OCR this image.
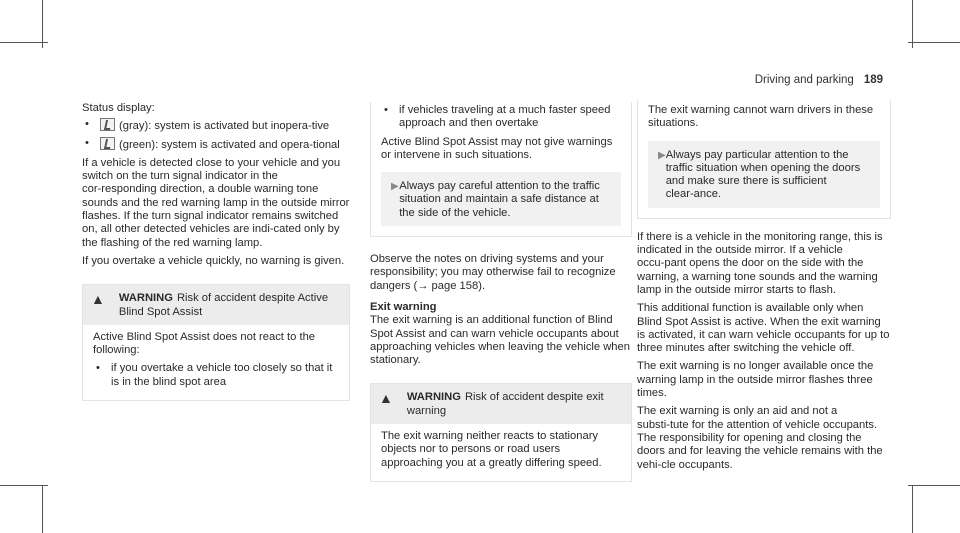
Driving and parking 189

Status display:

• (gray): system is activated but inopera‑tive
• (green): system is activated and opera‑tional

If a vehicle is detected close to your vehicle and you switch on the turn signal indicator in the cor‑responding direction, a double warning tone sounds and the red warning lamp in the outside mirror flashes. If the turn signal indicator remains switched on, all other detected vehicles are indi‑cated only by the flashing of the red warning lamp.

If you overtake a vehicle quickly, no warning is given.

▲ WARNING Risk of accident despite Active Blind Spot Assist

Active Blind Spot Assist does not react to the following:

• if you overtake a vehicle too closely so that it is in the blind spot area
• if vehicles traveling at a much faster speed approach and then overtake

Active Blind Spot Assist may not give warnings or intervene in such situations.

▶ Always pay careful attention to the traffic situation and maintain a safe distance at the side of the vehicle.

Observe the notes on driving systems and your responsibility; you may otherwise fail to recognize dangers (→ page 158).

Exit warning

The exit warning is an additional function of Blind Spot Assist and can warn vehicle occupants about approaching vehicles when leaving the vehicle when stationary.

▲ WARNING Risk of accident despite exit warning

The exit warning neither reacts to stationary objects nor to persons or road users approaching you at a greatly differing speed.

The exit warning cannot warn drivers in these situations.

▶ Always pay particular attention to the traffic situation when opening the doors and make sure there is sufficient clear‑ance.

If there is a vehicle in the monitoring range, this is indicated in the outside mirror. If a vehicle occu‑pant opens the door on the side with the warning, a warning tone sounds and the warning lamp in the outside mirror starts to flash.

This additional function is available only when Blind Spot Assist is active. When the exit warning is activated, it can warn vehicle occupants for up to three minutes after switching the vehicle off.

The exit warning is no longer available once the warning lamp in the outside mirror flashes three times.

The exit warning is only an aid and not a substi‑tute for the attention of vehicle occupants. The responsibility for opening and closing the doors and for leaving the vehicle remains with the vehi‑cle occupants.
